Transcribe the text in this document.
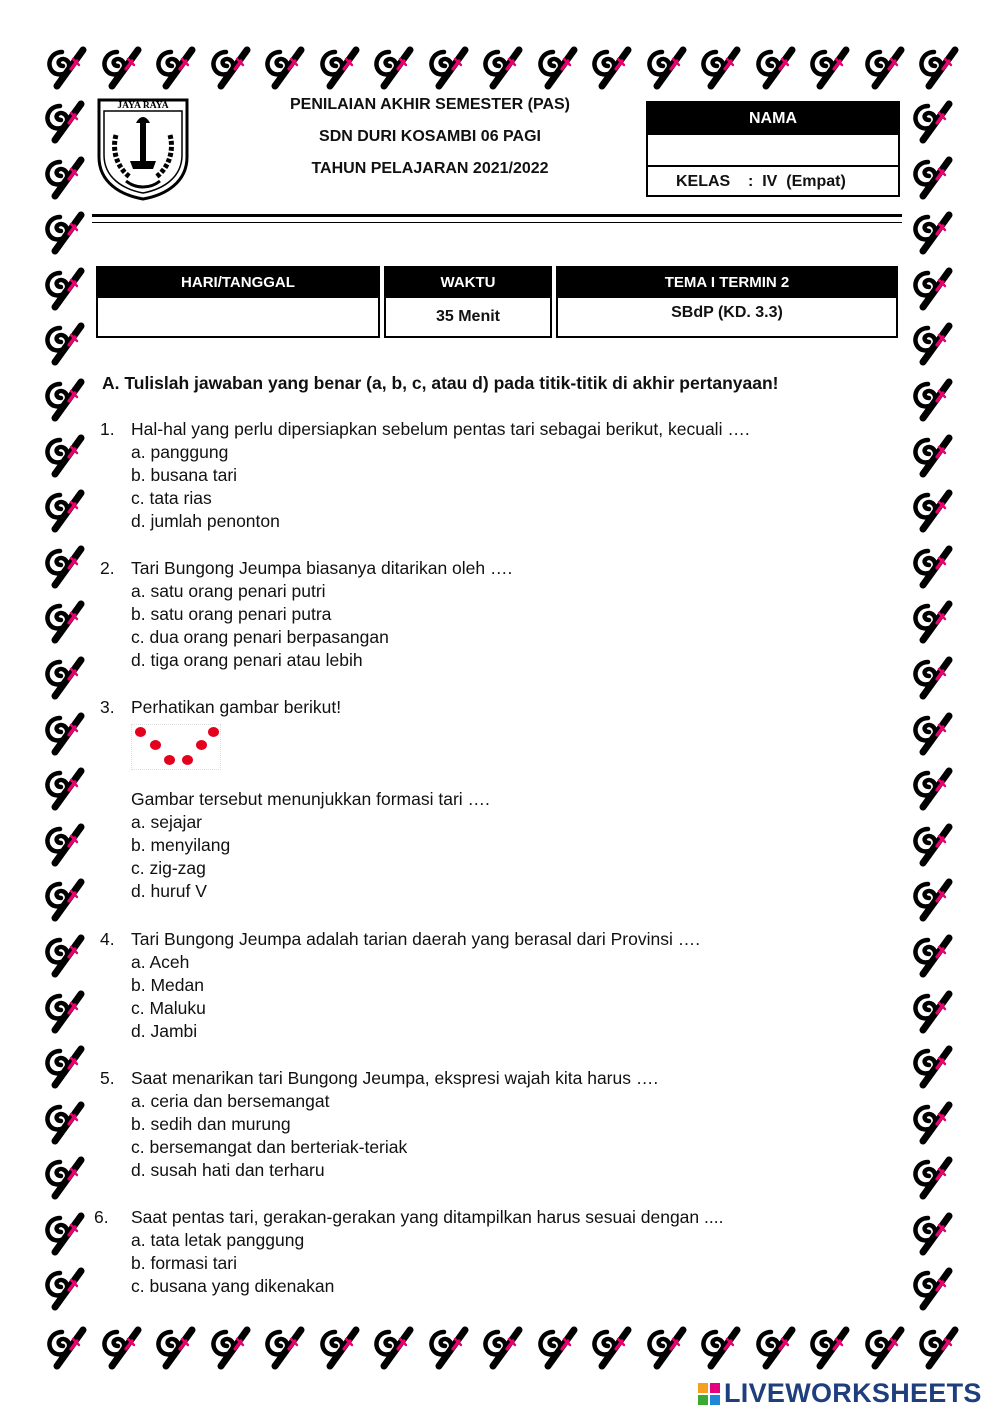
JAYA RAYA	PENILAIAN AKHIR SEMESTER (PAS)
SDN DURI KOSAMBI 06 PAGI
TAHUN PELAJARAN 2021/2022
NAMA
KELAS    :  IV  (Empat)
HARI/TANGGAL	WAKTU
35 Menit
TEMA I TERMIN 2
SBdP (KD. 3.3)
A. Tulislah jawaban yang benar (a, b, c, atau d) pada titik-titik di akhir pertanyaan!
1. Hal-hal yang perlu dipersiapkan sebelum pentas tari sebagai berikut, kecuali ….
a. panggung
b. busana tari
c. tata rias
d. jumlah penonton
2. Tari Bungong Jeumpa biasanya ditarikan oleh ….
a. satu orang penari putri
b. satu orang penari putra
c. dua orang penari berpasangan
d. tiga orang penari atau lebih
3. Perhatikan gambar berikut!
Gambar tersebut menunjukkan formasi tari ….
a. sejajar
b. menyilang
c. zig-zag
d. huruf V
4. Tari Bungong Jeumpa adalah tarian daerah yang berasal dari Provinsi ….
a. Aceh
b. Medan
c. Maluku
d. Jambi
5. Saat menarikan tari Bungong Jeumpa, ekspresi wajah kita harus ….
a. ceria dan bersemangat
b. sedih dan murung
c. bersemangat dan berteriak-teriak
d. susah hati dan terharu
6. Saat pentas tari, gerakan-gerakan yang ditampilkan harus sesuai dengan ....
a. tata letak panggung
b. formasi tari
c. busana yang dikenakan
LIVEWORKSHEETS
